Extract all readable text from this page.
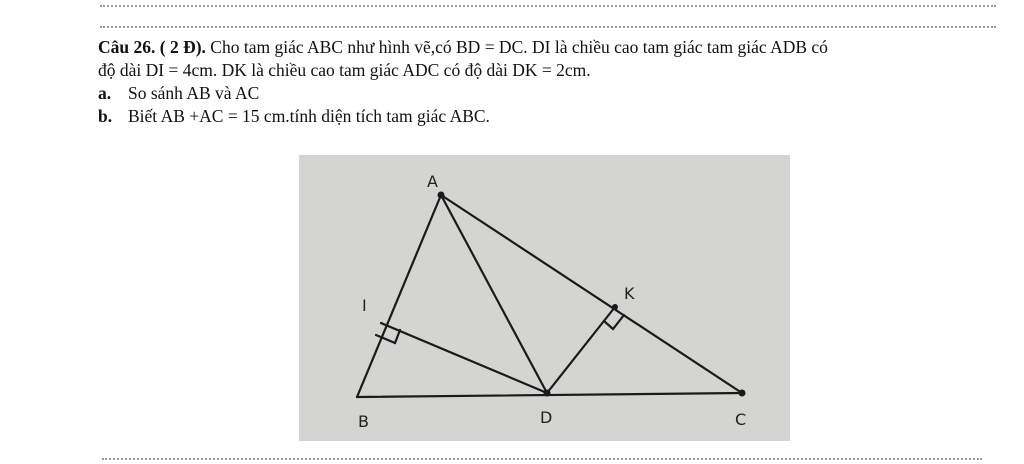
Câu 26. ( 2 Đ). Cho tam giác ABC như hình vẽ,có BD = DC. DI là chiều cao tam giác tam giác ADB có

độ dài DI = 4cm. DK là chiều cao tam giác ADC có độ dài DK = 2cm.

a. So sánh AB và AC

b. Biết AB +AC = 15 cm.tính diện tích tam giác ABC.

A
I
K
B	D	C
